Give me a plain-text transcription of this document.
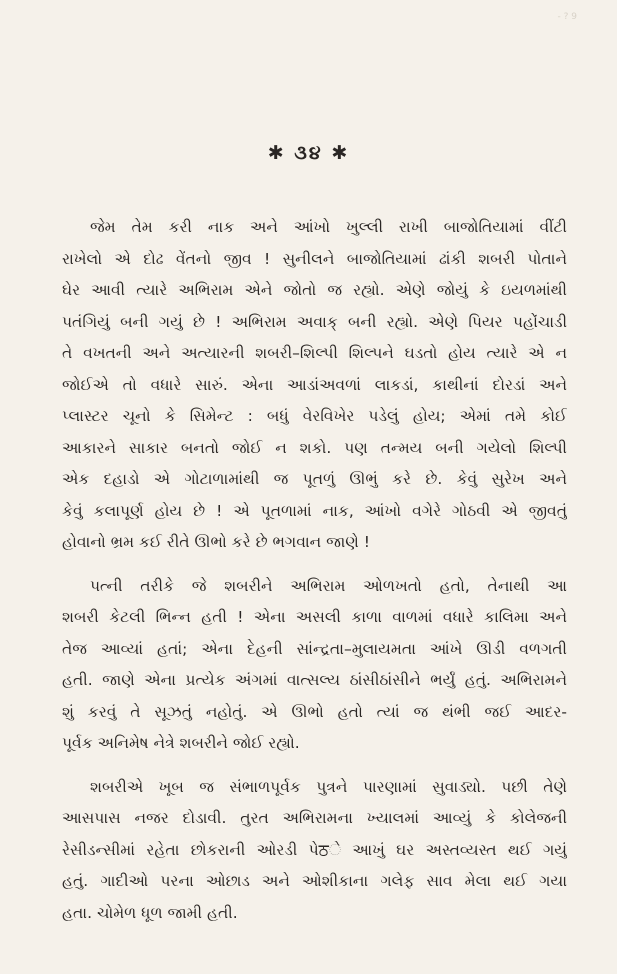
- ? 9
✱ ૩૪ ✱
જેમ તેમ કરી નાક અને આંખો ખુલ્લી રાખી બાજોતિયામાં વીંટી
રાખેલો એ દોઢ વેંતનો જીવ ! સુનીલને બાજોતિયામાં ઢાંકી શબરી પોતાને
ઘેર આવી ત્યારે અભિરામ એને જોતો જ રહ્યો. એણે જોયું કે ઇયળમાંથી
પતંગિયું બની ગયું છે ! અભિરામ અવાક્ બની રહ્યો. એણે પિયર પહોંચાડી
તે વખતની અને અત્યારની શબરી–શિલ્પી શિલ્પને ઘડતો હોય ત્યારે એ ન
જોઈએ તો વધારે સારું. એના આડાંઅવળાં લાકડાં, કાથીનાં દોરડાં અને
પ્લાસ્ટર ચૂનો કે સિમેન્ટ : બધું વેરવિખેર પડેલું હોય; એમાં તમે કોઈ
આકારને સાકાર બનતો જોઈ ન શકો. પણ તન્મય બની ગયેલો શિલ્પી
એક દહાડો એ ગોટાળામાંથી જ પૂતળું ઊભું કરે છે. કેવું સુરેખ અને
કેવું કલાપૂર્ણ હોય છે ! એ પૂતળામાં નાક, આંખો વગેરે ગોઠવી એ જીવતું
હોવાનો ભ્રમ કઈ રીતે ઊભો કરે છે ભગવાન જાણે !
પત્ની તરીકે જે શબરીને અભિરામ ઓળખતો હતો, તેનાથી આ
શબરી કેટલી ભિન્ન હતી ! એના અસલી કાળા વાળમાં વધારે કાલિમા અને
તેજ આવ્યાં હતાં; એના દેહની સાંન્દ્રતા–મુલાયમતા આંખે ઊડી વળગતી
હતી. જાણે એના પ્રત્યેક અંગમાં વાત્સલ્ય ઠાંસીઠાંસીને ભર્યું હતું. અભિરામને
શું કરવું તે સૂઝતું નહોતું. એ ઊભો હતો ત્યાં જ થંભી જઈ આદર-
પૂર્વક અનિમેષ નેત્રે શબરીને જોઈ રહ્યો.
શબરીએ ખૂબ જ સંભાળપૂર્વક પુત્રને પારણામાં સુવાડ્યો. પછી તેણે
આસપાસ નજર દોડાવી. તુરત અભિરામના ખ્યાલમાં આવ્યું કે કોલેજની
રેસીડન્સીમાં રહેતા છોકરાની ઓરડી પેਠે આખું ઘર અસ્તવ્યસ્ત થઈ ગયું
હતું. ગાદીઓ પરના ઓછાડ અને ઓશીકાના ગલેફ સાવ મેલા થઈ ગયા
હતા. ચોમેળ ધૂળ જામી હતી.
